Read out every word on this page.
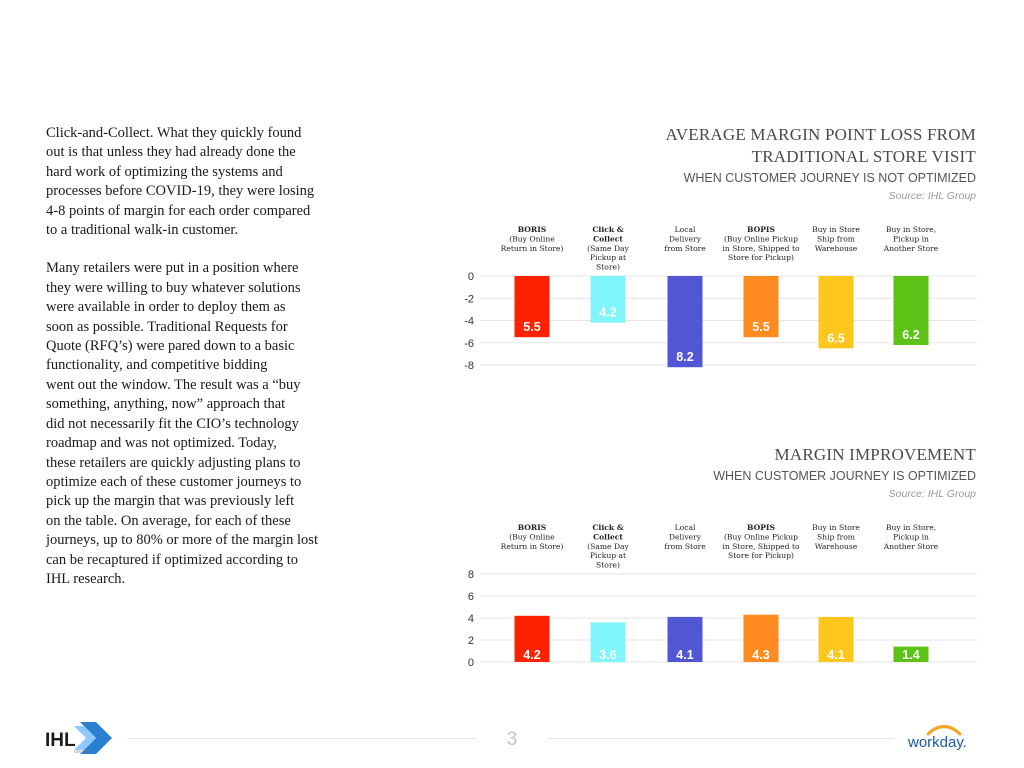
Click-and-Collect. What they quickly found
out is that unless they had already done the
hard work of optimizing the systems and
processes before COVID-19, they were losing
4-8 points of margin for each order compared
to a traditional walk-in customer.

Many retailers were put in a position where
they were willing to buy whatever solutions
were available in order to deploy them as
soon as possible. Traditional Requests for
Quote (RFQ’s) were pared down to a basic
functionality, and competitive bidding
went out the window. The result was a “buy
something, anything, now” approach that
did not necessarily fit the CIO’s technology
roadmap and was not optimized. Today,
these retailers are quickly adjusting plans to
optimize each of these customer journeys to
pick up the margin that was previously left
on the table. On average, for each of these
journeys, up to 80% or more of the margin lost
can be recaptured if optimized according to
IHL research.

AVERAGE MARGIN POINT LOSS FROM
TRADITIONAL STORE VISIT
WHEN CUSTOMER JOURNEY IS NOT OPTIMIZED
Source: IHL Group
0
-2
-4
-6
-8
BORIS (Buy Online Return in Store)
Click & Collect (Same Day Pickup at Store)
Local Delivery from Store
BOPIS (Buy Online Pickup in Store, Shipped to Store for Pickup)
Buy in Store Ship from Warehouse
Buy in Store, Pickup in Another Store
5.5
4.2
8.2
5.5
6.5	6.2
MARGIN IMPROVEMENT
WHEN CUSTOMER JOURNEY IS OPTIMIZED
Source: IHL Group
0
2
4
6
8
BORIS (Buy Online Return in Store)
Click & Collect (Same Day Pickup at Store)
Local Delivery from Store
BOPIS (Buy Online Pickup in Store, Shipped to Store for Pickup)
Buy in Store Ship from Warehouse
Buy in Store, Pickup in Another Store
4.2	3.6	4.1	4.3	4.1	1.4
IHL
GROUP
3	workday.
